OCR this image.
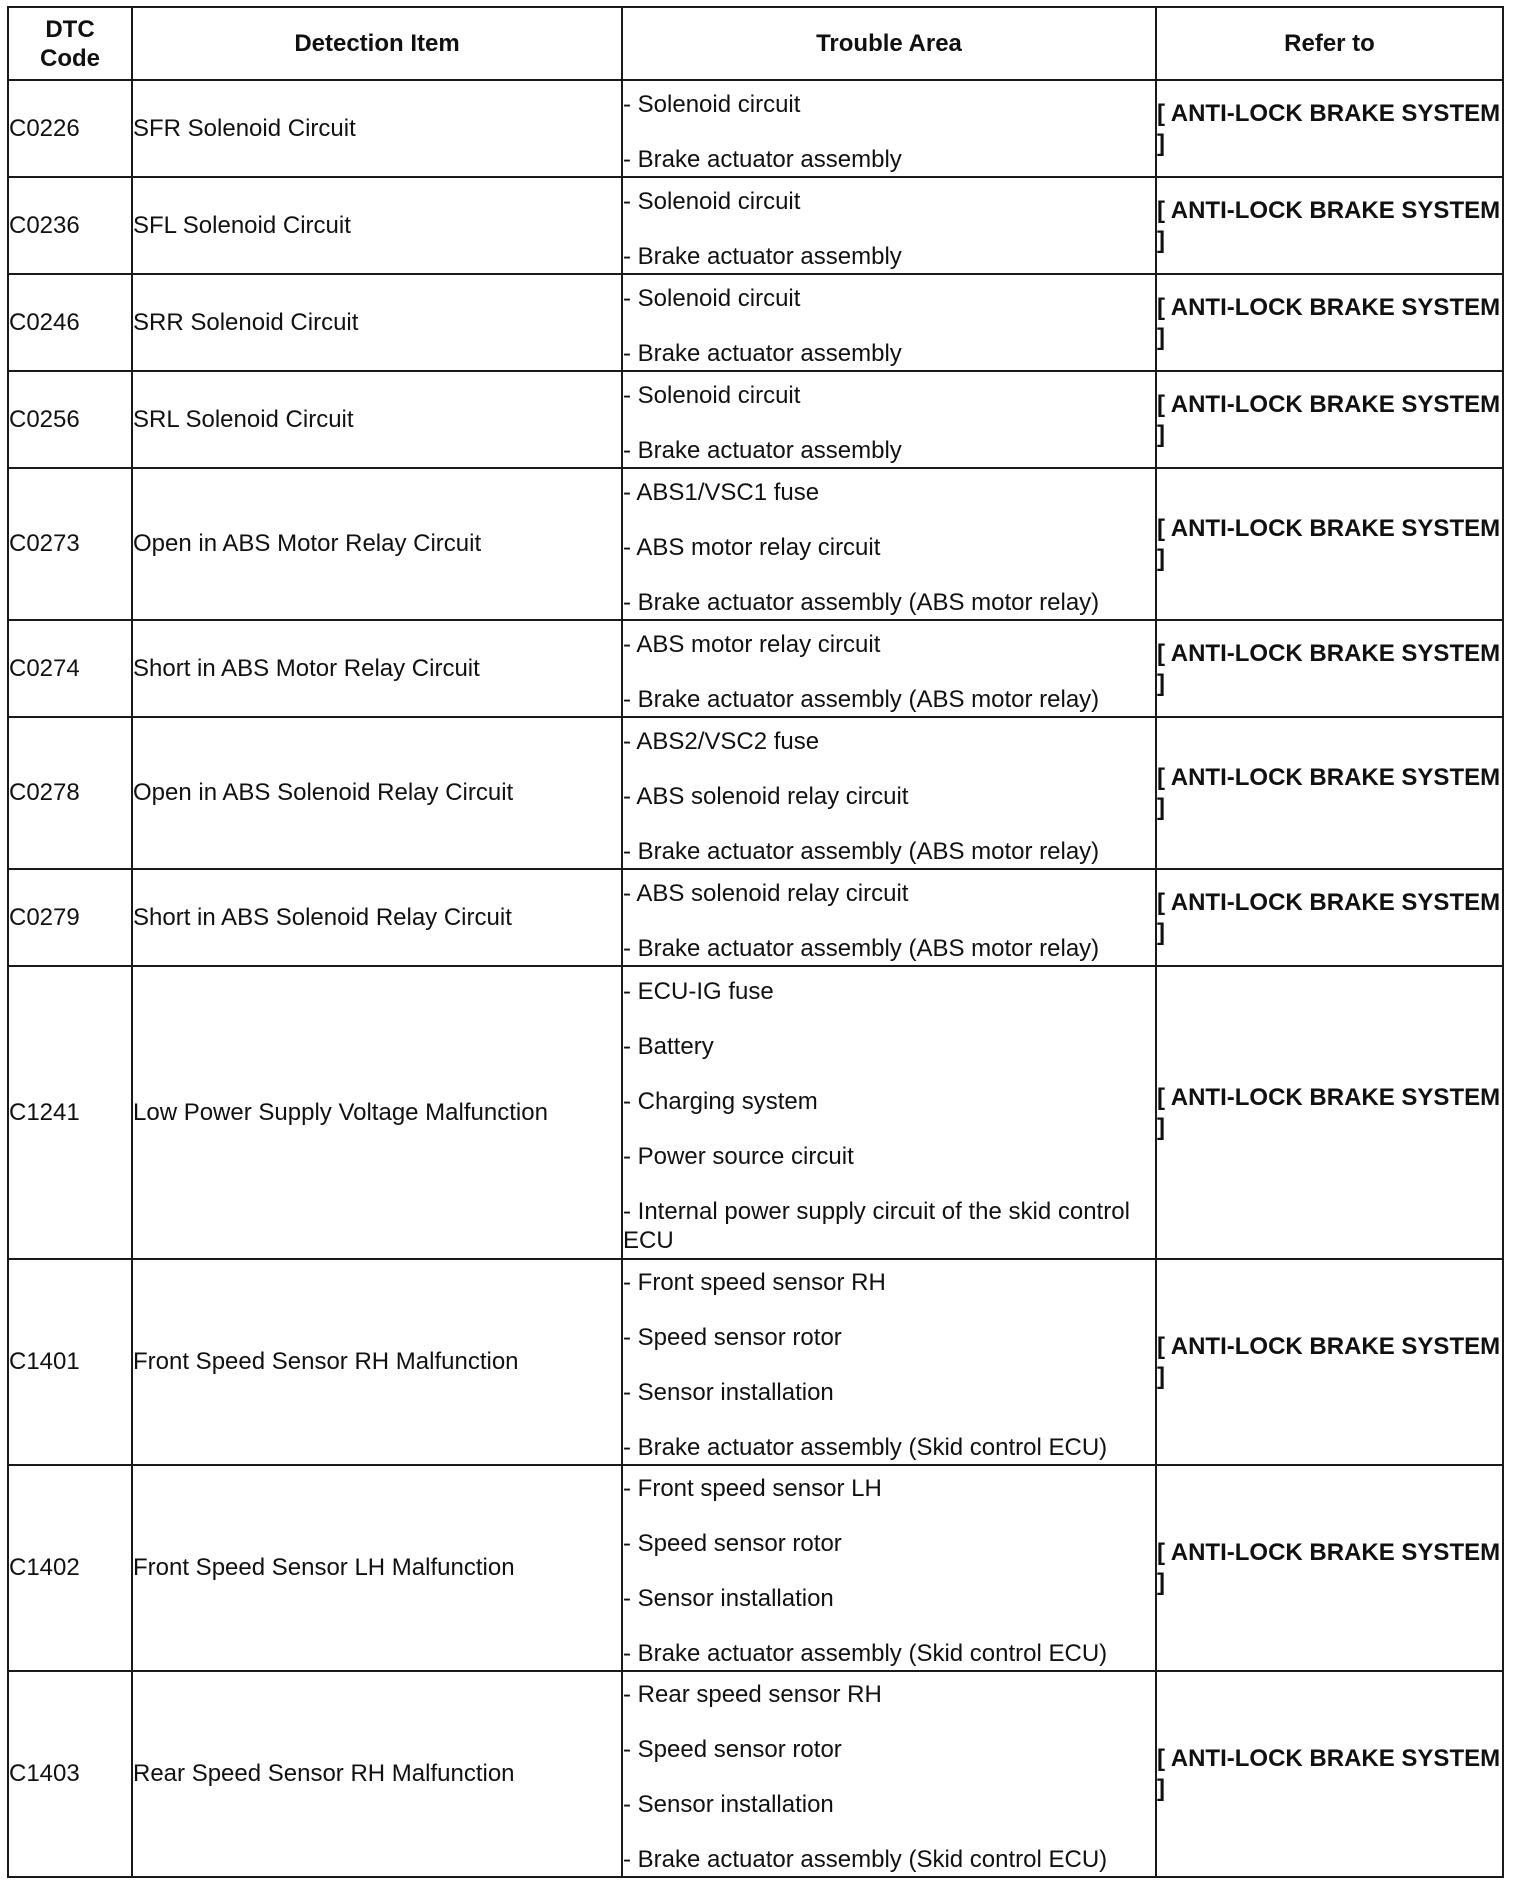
DTC
Code	Detection Item	Trouble Area	Refer to
C0226	SFR Solenoid Circuit	- Solenoid circuit
- Brake actuator assembly	[ ANTI-LOCK BRAKE SYSTEM ]
C0236	SFL Solenoid Circuit	- Solenoid circuit
- Brake actuator assembly	[ ANTI-LOCK BRAKE SYSTEM ]
C0246	SRR Solenoid Circuit	- Solenoid circuit
- Brake actuator assembly	[ ANTI-LOCK BRAKE SYSTEM ]
C0256	SRL Solenoid Circuit	- Solenoid circuit
- Brake actuator assembly	[ ANTI-LOCK BRAKE SYSTEM ]
C0273	Open in ABS Motor Relay Circuit	- ABS1/VSC1 fuse
- ABS motor relay circuit
- Brake actuator assembly (ABS motor relay)	[ ANTI-LOCK BRAKE SYSTEM ]
C0274	Short in ABS Motor Relay Circuit	- ABS motor relay circuit
- Brake actuator assembly (ABS motor relay)	[ ANTI-LOCK BRAKE SYSTEM ]
C0278	Open in ABS Solenoid Relay Circuit	- ABS2/VSC2 fuse
- ABS solenoid relay circuit
- Brake actuator assembly (ABS motor relay)	[ ANTI-LOCK BRAKE SYSTEM ]
C0279	Short in ABS Solenoid Relay Circuit	- ABS solenoid relay circuit
- Brake actuator assembly (ABS motor relay)	[ ANTI-LOCK BRAKE SYSTEM ]
C1241	Low Power Supply Voltage Malfunction	- ECU-IG fuse
- Battery
- Charging system
- Power source circuit
- Internal power supply circuit of the skid control ECU	[ ANTI-LOCK BRAKE SYSTEM ]
C1401	Front Speed Sensor RH Malfunction	- Front speed sensor RH
- Speed sensor rotor
- Sensor installation
- Brake actuator assembly (Skid control ECU)	[ ANTI-LOCK BRAKE SYSTEM ]
C1402	Front Speed Sensor LH Malfunction	- Front speed sensor LH
- Speed sensor rotor
- Sensor installation
- Brake actuator assembly (Skid control ECU)	[ ANTI-LOCK BRAKE SYSTEM ]
C1403	Rear Speed Sensor RH Malfunction	- Rear speed sensor RH
- Speed sensor rotor
- Sensor installation
- Brake actuator assembly (Skid control ECU)	[ ANTI-LOCK BRAKE SYSTEM ]
